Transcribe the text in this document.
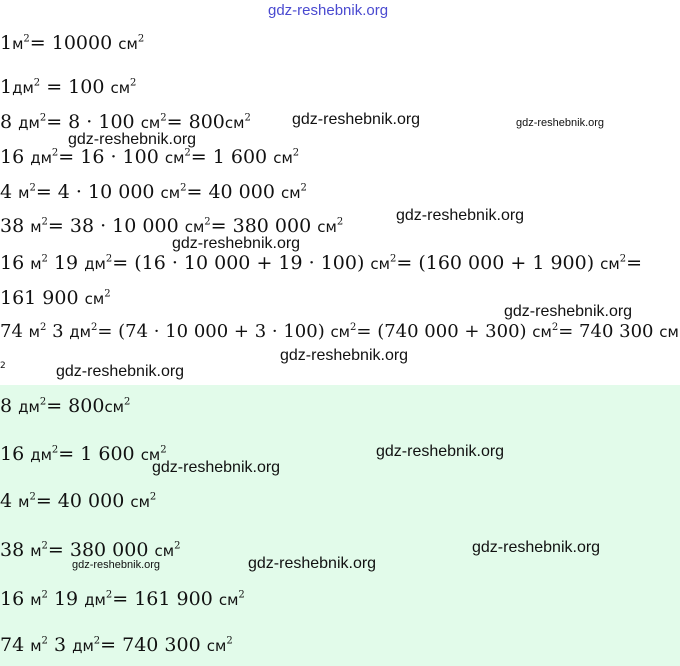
gdz-reshebnik.org
$1м^2= 10000$ $см^2$
$1дм^2 = 100$ $см^2$
8 $дм^2= 8 \cdot 100$ $см^2= 800см^2$
16 $дм^2= 16 \cdot 100$ $см^2= 1$ 600 $см^2$
4 $м^2= 4 \cdot 10$ 000 $см^2= 40$ 000 $см^2$
38 $м^2= 38 \cdot 10$ 000 $см^2= 380$ 000 $см^2$
16 $м^2$ 19 $дм^2= (16 \cdot 10$ 000 + 19 · 100) $см^2= (160$ 000 + 1 900) $см^2=$
161 900 $см^2$
74 $м^2$ 3 $дм^2= (74 \cdot 10$ 000 + 3 · 100) $см^2= (740$ 000 + 300) $см^2= 740$ 300 см
2
8 $дм^2= 800см^2$
16 $дм^2= 1$ 600 $см^2$
4 $м^2= 40$ 000 $см^2$
38 $м^2= 380$ 000 $см^2$
16 $м^2$ 19 $дм^2= 161$ 900 $см^2$
74 $м^2$ 3 $дм^2= 740$ 300 $см^2$
gdz-reshebnik.org	gdz-reshebnik.org
gdz-reshebnik.org
gdz-reshebnik.org
gdz-reshebnik.org
gdz-reshebnik.org
gdz-reshebnik.org
gdz-reshebnik.org
gdz-reshebnik.org
gdz-reshebnik.org
gdz-reshebnik.org
gdz-reshebnik.org
gdz-reshebnik.org
